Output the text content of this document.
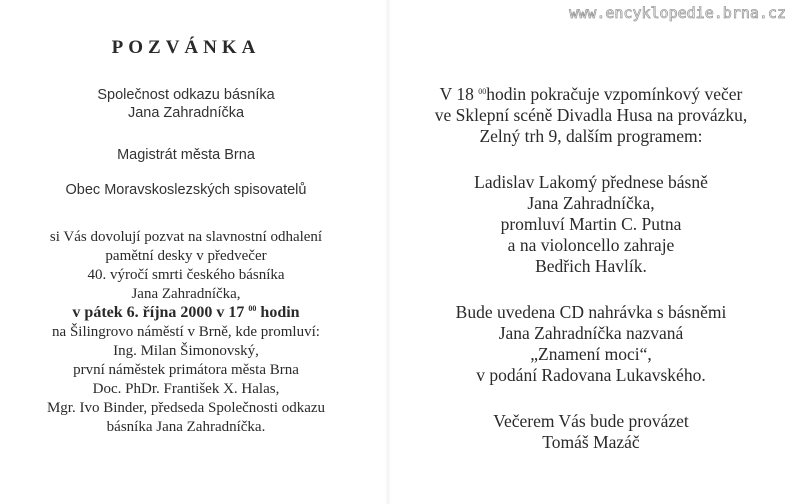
www.encyklopedie.brna.cz
POZVÁNKA
Společnost odkazu básníka
Jana Zahradníčka
Magistrát města Brna
Obec Moravskoslezských spisovatelů
si Vás dovolují pozvat na slavnostní odhalení
pamětní desky v předvečer
40. výročí smrti českého básníka
Jana Zahradníčka,
v pátek 6. října 2000 v 17 $^{00}$ hodin
na Šilingrovo náměstí v Brně, kde promluví:
Ing. Milan Šimonovský,
první náměstek primátora města Brna
Doc. PhDr. František X. Halas,
Mgr. Ivo Binder, předseda Společnosti odkazu
básníka Jana Zahradníčka.
V 18 $^{00}$hodin pokračuje vzpomínkový večer
ve Sklepní scéně Divadla Husa na provázku,
Zelný trh 9, dalším programem:
Ladislav Lakomý přednese básně
Jana Zahradníčka,
promluví Martin C. Putna
a na violoncello zahraje
Bedřich Havlík.
Bude uvedena CD nahrávka s básněmi
Jana Zahradníčka nazvaná
„Znamení moci“,
v podání Radovana Lukavského.
Večerem Vás bude provázet
Tomáš Mazáč
